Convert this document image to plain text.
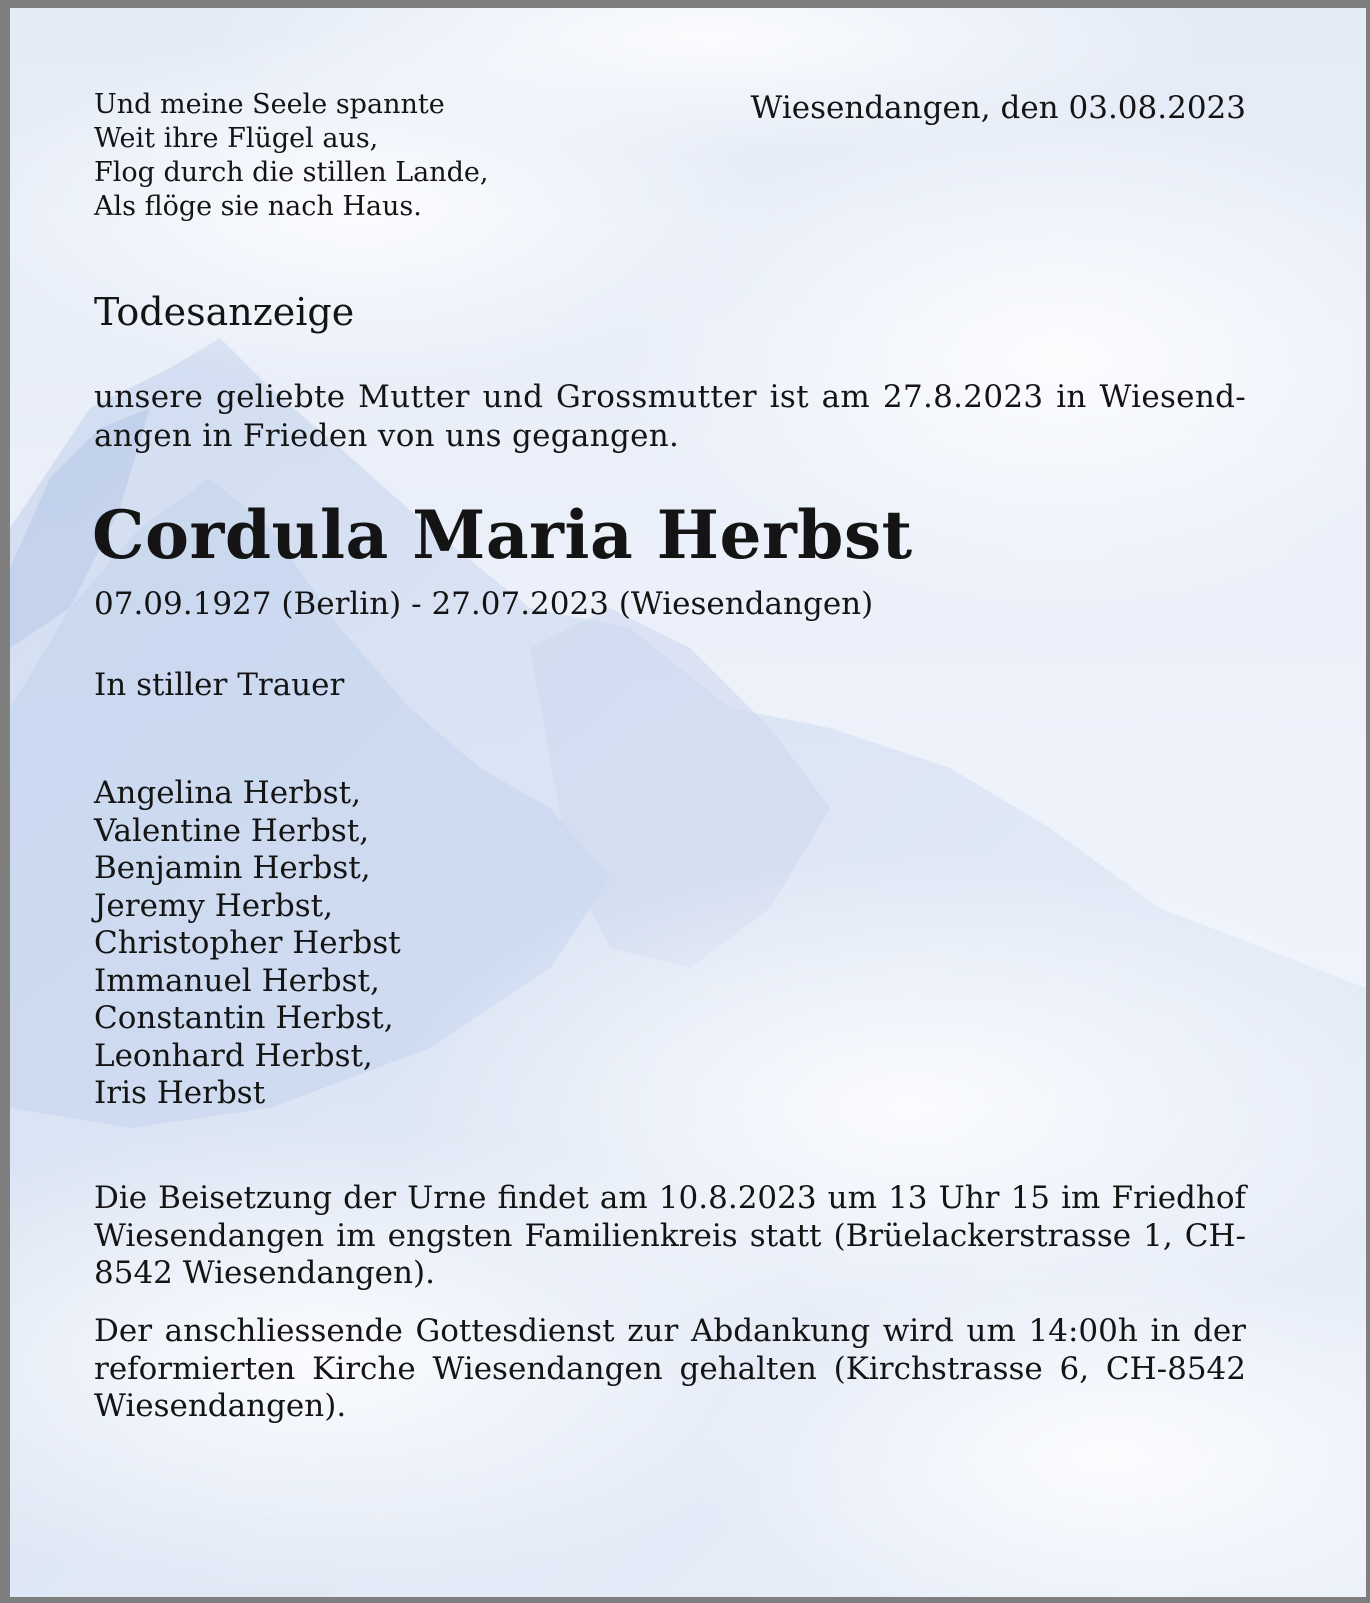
Und meine Seele spannte
Weit ihre Flügel aus,
Flog durch die stillen Lande,
Als flöge sie nach Haus.
Wiesendangen, den 03.08.2023
Todesanzeige
unsere geliebte Mutter und Grossmutter ist am 27.8.2023 in Wiesend-angen in Frieden von uns gegangen.
Cordula Maria Herbst
07.09.1927 (Berlin) - 27.07.2023 (Wiesendangen)
In stiller Trauer
Angelina Herbst,
Valentine Herbst,
Benjamin Herbst,
Jeremy Herbst,
Christopher Herbst
Immanuel Herbst,
Constantin Herbst,
Leonhard Herbst,
Iris Herbst
Die Beisetzung der Urne findet am 10.8.2023 um 13 Uhr 15 im Friedhof Wiesendangen im engsten Familienkreis statt (Brüelackerstrasse 1, CH-8542 Wiesendangen).
Der anschliessende Gottesdienst zur Abdankung wird um 14:00h in der reformierten Kirche Wiesendangen gehalten (Kirchstrasse 6, CH-8542 Wiesendangen).
